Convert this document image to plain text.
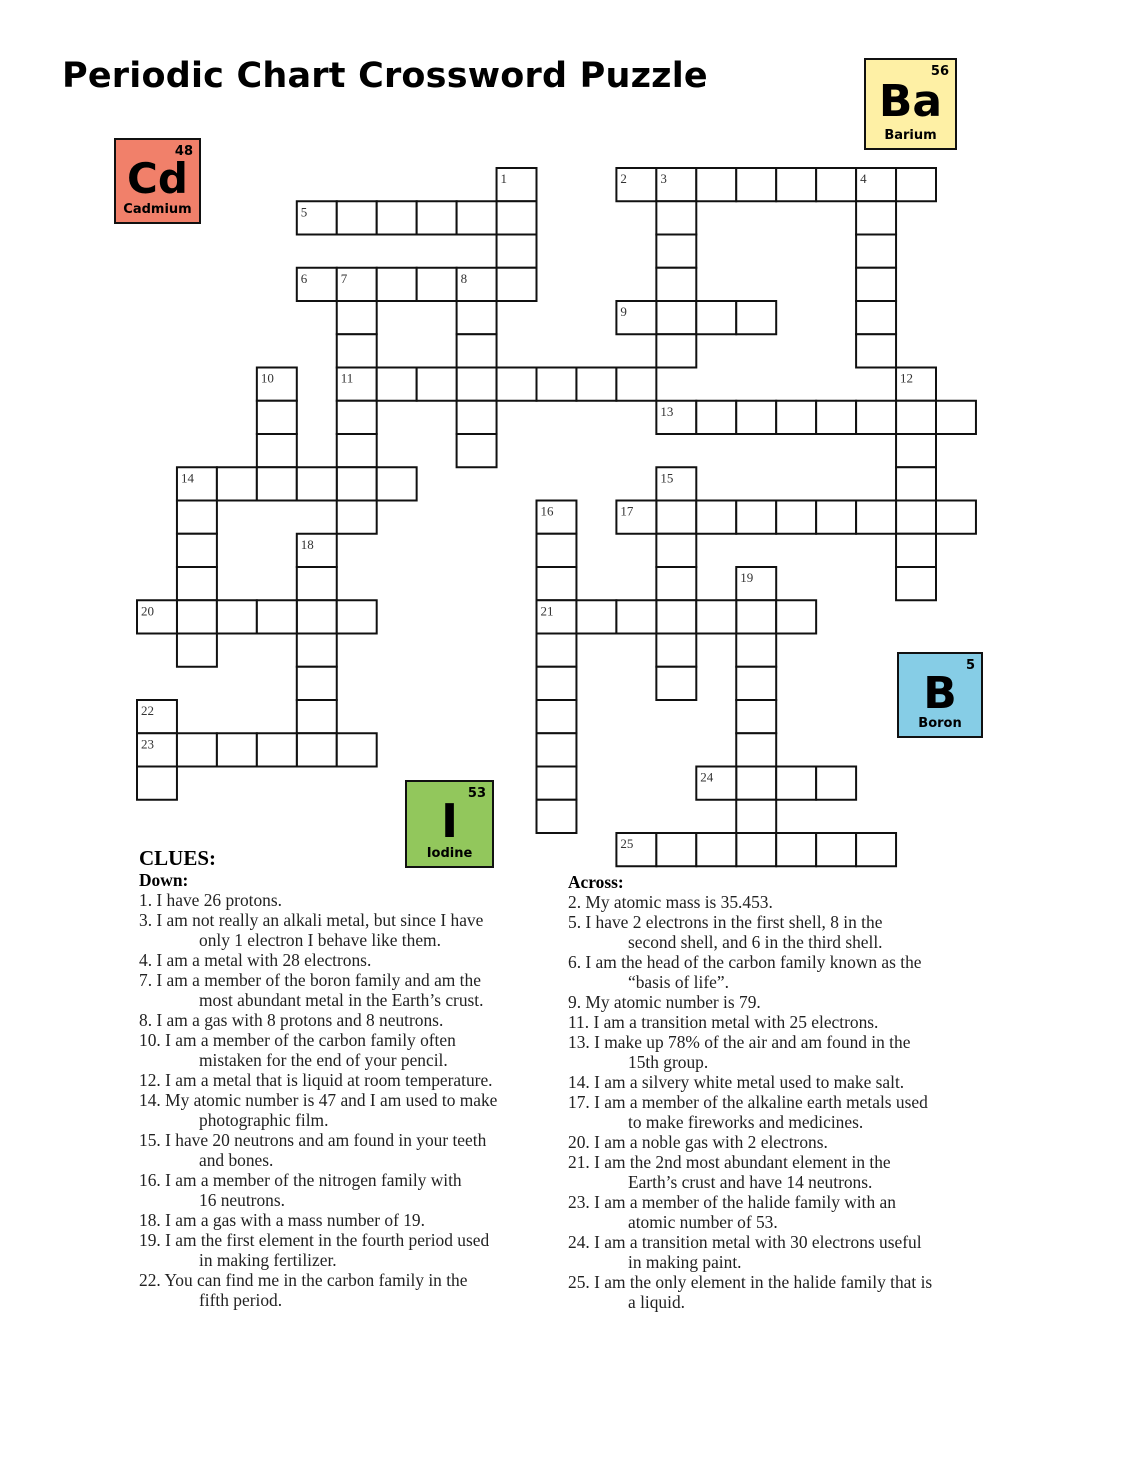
Periodic Chart Crossword Puzzle	56
Ba
Barium
48
Cd
Cadmium
5
B
Boron
53
I
Iodine
1	2	3	4
5
6	7	8
9
10	11	12
13
14	15
16	17
18
19
20	21
22
23
24
25
CLUES:
Down:
1. I have 26 protons.
3. I am not really an alkali metal, but since I have
only 1 electron I behave like them.
4. I am a metal with 28 electrons.
7. I am a member of the boron family and am the
most abundant metal in the Earth’s crust.
8. I am a gas with 8 protons and 8 neutrons.
10. I am a member of the carbon family often
mistaken for the end of your pencil.
12. I am a metal that is liquid at room temperature.
14. My atomic number is 47 and I am used to make
photographic film.
15. I have 20 neutrons and am found in your teeth
and bones.
16. I am a member of the nitrogen family with
16 neutrons.
18. I am a gas with a mass number of 19.
19. I am the first element in the fourth period used
in making fertilizer.
22. You can find me in the carbon family in the
fifth period.
Across:
2. My atomic mass is 35.453.
5. I have 2 electrons in the first shell, 8 in the
second shell, and 6 in the third shell.
6. I am the head of the carbon family known as the
“basis of life”.
9. My atomic number is 79.
11. I am a transition metal with 25 electrons.
13. I make up 78% of the air and am found in the
15th group.
14. I am a silvery white metal used to make salt.
17. I am a member of the alkaline earth metals used
to make fireworks and medicines.
20. I am a noble gas with 2 electrons.
21. I am the 2nd most abundant element in the
Earth’s crust and have 14 neutrons.
23. I am a member of the halide family with an
atomic number of 53.
24. I am a transition metal with 30 electrons useful
in making paint.
25. I am the only element in the halide family that is
a liquid.
